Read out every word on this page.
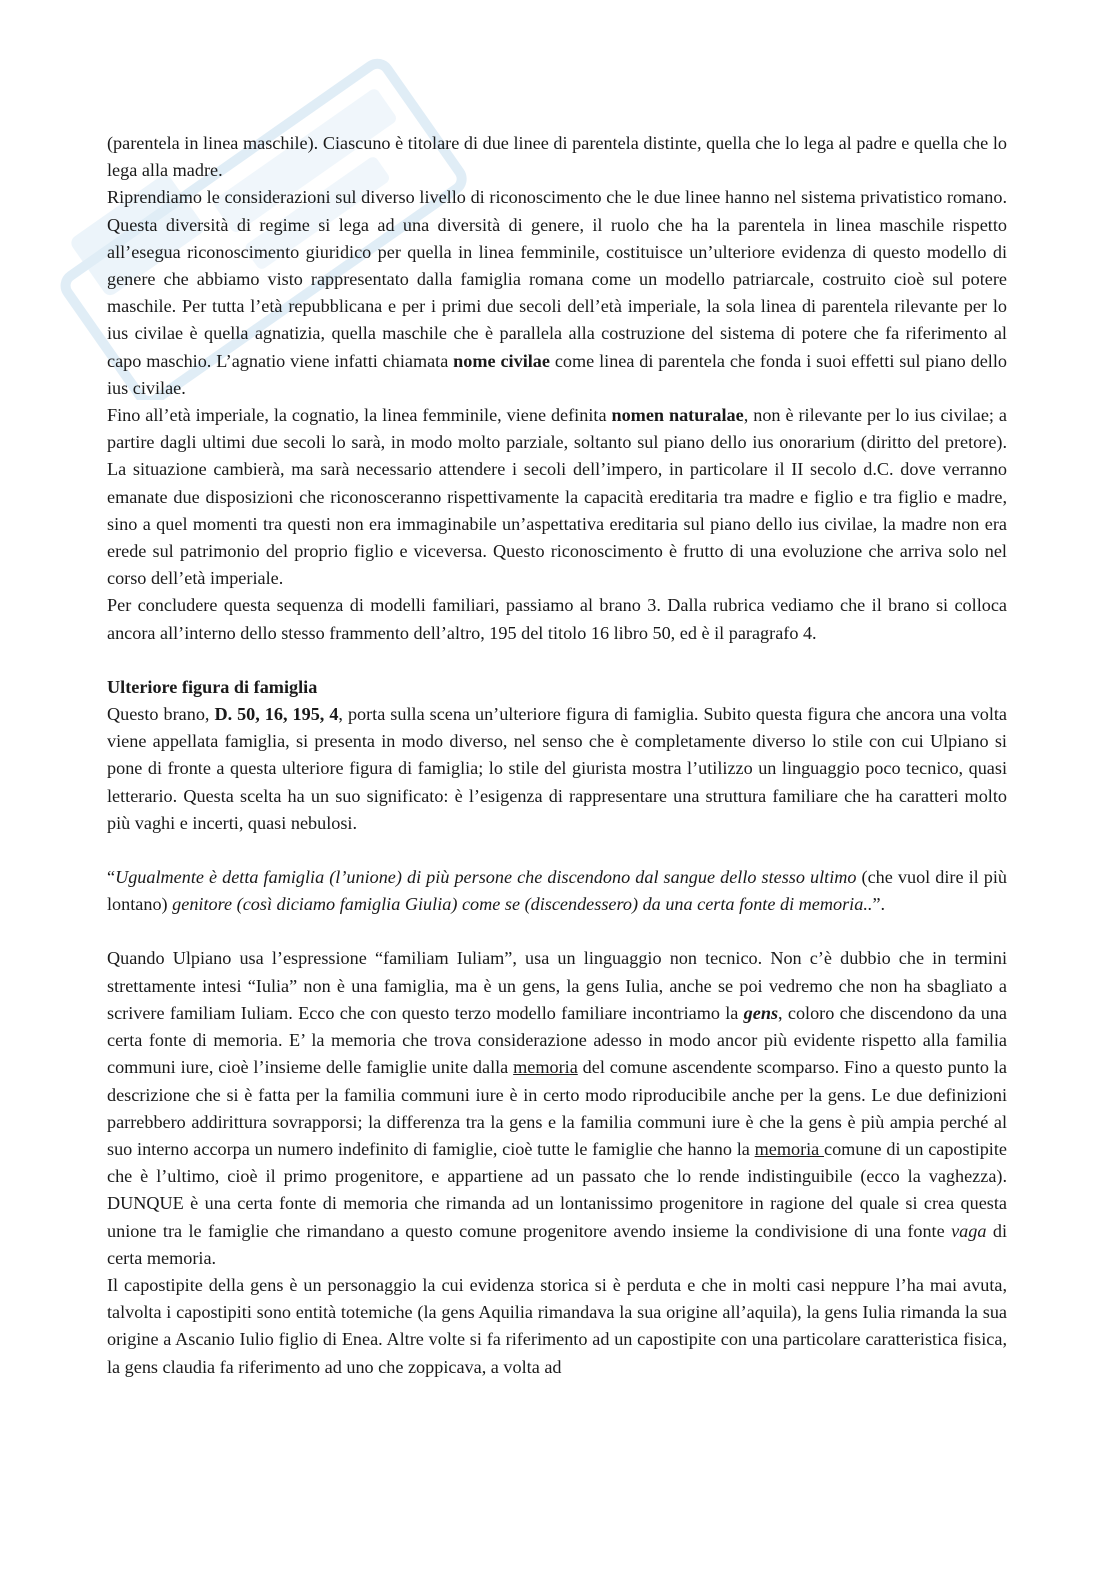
(parentela in linea maschile). Ciascuno è titolare di due linee di parentela distinte, quella che lo lega al padre e quella che lo lega alla madre.

Riprendiamo le considerazioni sul diverso livello di riconoscimento che le due linee hanno nel sistema privatistico romano. Questa diversità di regime si lega ad una diversità di genere, il ruolo che ha la parentela in linea maschile rispetto all’esegua riconoscimento giuridico per quella in linea femminile, costituisce un’ulteriore evidenza di questo modello di genere che abbiamo visto rappresentato dalla famiglia romana come un modello patriarcale, costruito cioè sul potere maschile. Per tutta l’età repubblicana e per i primi due secoli dell’età imperiale, la sola linea di parentela rilevante per lo ius civilae è quella agnatizia, quella maschile che è parallela alla costruzione del sistema di potere che fa riferimento al capo maschio. L’agnatio viene infatti chiamata nome civilae come linea di parentela che fonda i suoi effetti sul piano dello ius civilae.

Fino all’età imperiale, la cognatio, la linea femminile, viene definita nomen naturalae, non è rilevante per lo ius civilae; a partire dagli ultimi due secoli lo sarà, in modo molto parziale, soltanto sul piano dello ius onorarium (diritto del pretore). La situazione cambierà, ma sarà necessario attendere i secoli dell’impero, in particolare il II secolo d.C. dove verranno emanate due disposizioni che riconosceranno rispettivamente la capacità ereditaria tra madre e figlio e tra figlio e madre, sino a quel momenti tra questi non era immaginabile un’aspettativa ereditaria sul piano dello ius civilae, la madre non era erede sul patrimonio del proprio figlio e viceversa. Questo riconoscimento è frutto di una evoluzione che arriva solo nel corso dell’età imperiale.

Per concludere questa sequenza di modelli familiari, passiamo al brano 3. Dalla rubrica vediamo che il brano si colloca ancora all’interno dello stesso frammento dell’altro, 195 del titolo 16 libro 50, ed è il paragrafo 4.

Ulteriore figura di famiglia

Questo brano, D. 50, 16, 195, 4, porta sulla scena un’ulteriore figura di famiglia. Subito questa figura che ancora una volta viene appellata famiglia, si presenta in modo diverso, nel senso che è completamente diverso lo stile con cui Ulpiano si pone di fronte a questa ulteriore figura di famiglia; lo stile del giurista mostra l’utilizzo un linguaggio poco tecnico, quasi letterario. Questa scelta ha un suo significato: è l’esigenza di rappresentare una struttura familiare che ha caratteri molto più vaghi e incerti, quasi nebulosi.

“Ugualmente è detta famiglia (l’unione) di più persone che discendono dal sangue dello stesso ultimo (che vuol dire il più lontano) genitore (così diciamo famiglia Giulia) come se (discendessero) da una certa fonte di memoria..”.

Quando Ulpiano usa l’espressione “familiam Iuliam”, usa un linguaggio non tecnico. Non c’è dubbio che in termini strettamente intesi “Iulia” non è una famiglia, ma è un gens, la gens Iulia, anche se poi vedremo che non ha sbagliato a scrivere familiam Iuliam. Ecco che con questo terzo modello familiare incontriamo la gens, coloro che discendono da una certa fonte di memoria. E’ la memoria che trova considerazione adesso in modo ancor più evidente rispetto alla familia communi iure, cioè l’insieme delle famiglie unite dalla memoria del comune ascendente scomparso. Fino a questo punto la descrizione che si è fatta per la familia communi iure è in certo modo riproducibile anche per la gens. Le due definizioni parrebbero addirittura sovrapporsi; la differenza tra la gens e la familia communi iure è che la gens è più ampia perché al suo interno accorpa un numero indefinito di famiglie, cioè tutte le famiglie che hanno la memoria comune di un capostipite che è l’ultimo, cioè il primo progenitore, e appartiene ad un passato che lo rende indistinguibile (ecco la vaghezza). DUNQUE è una certa fonte di memoria che rimanda ad un lontanissimo progenitore in ragione del quale si crea questa unione tra le famiglie che rimandano a questo comune progenitore avendo insieme la condivisione di una fonte vaga di certa memoria.

Il capostipite della gens è un personaggio la cui evidenza storica si è perduta e che in molti casi neppure l’ha mai avuta, talvolta i capostipiti sono entità totemiche (la gens Aquilia rimandava la sua origine all’aquila), la gens Iulia rimanda la sua origine a Ascanio Iulio figlio di Enea. Altre volte si fa riferimento ad un capostipite con una particolare caratteristica fisica, la gens claudia fa riferimento ad uno che zoppicava, a volta ad
